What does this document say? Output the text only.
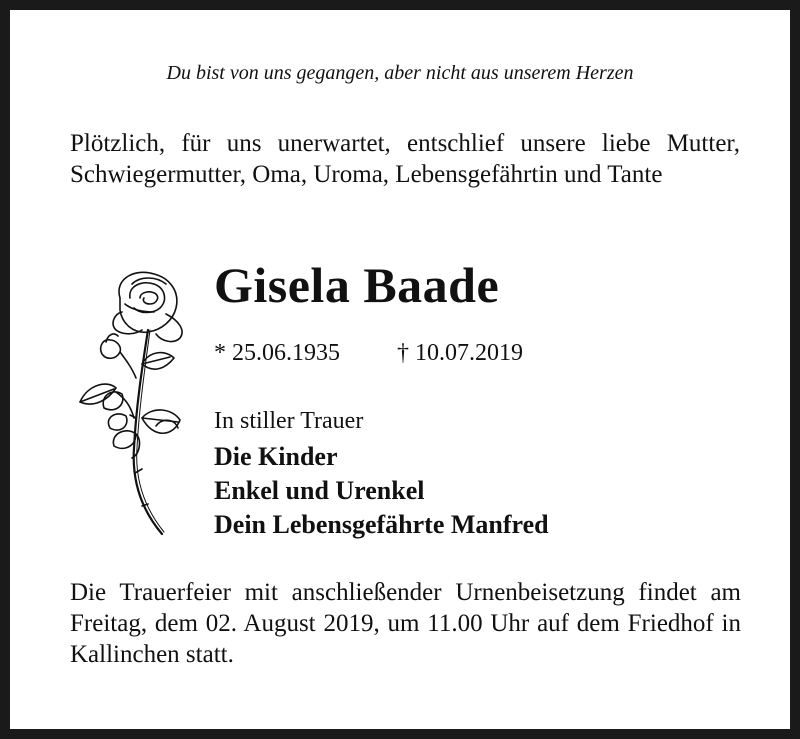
Du bist von uns gegangen, aber nicht aus unserem Herzen
Plötzlich, für uns unerwartet, entschlief unsere liebe Mutter, Schwiegermutter, Oma, Uroma, Lebensgefährtin und Tante
Gisela Baade
* 25.06.1935 † 10.07.2019
In stiller Trauer
Die Kinder
Enkel und Urenkel
Dein Lebensgefährte Manfred
Die Trauerfeier mit anschließender Urnenbeisetzung findet am Freitag, dem 02. August 2019, um 11.00 Uhr auf dem Friedhof in Kallinchen statt.
